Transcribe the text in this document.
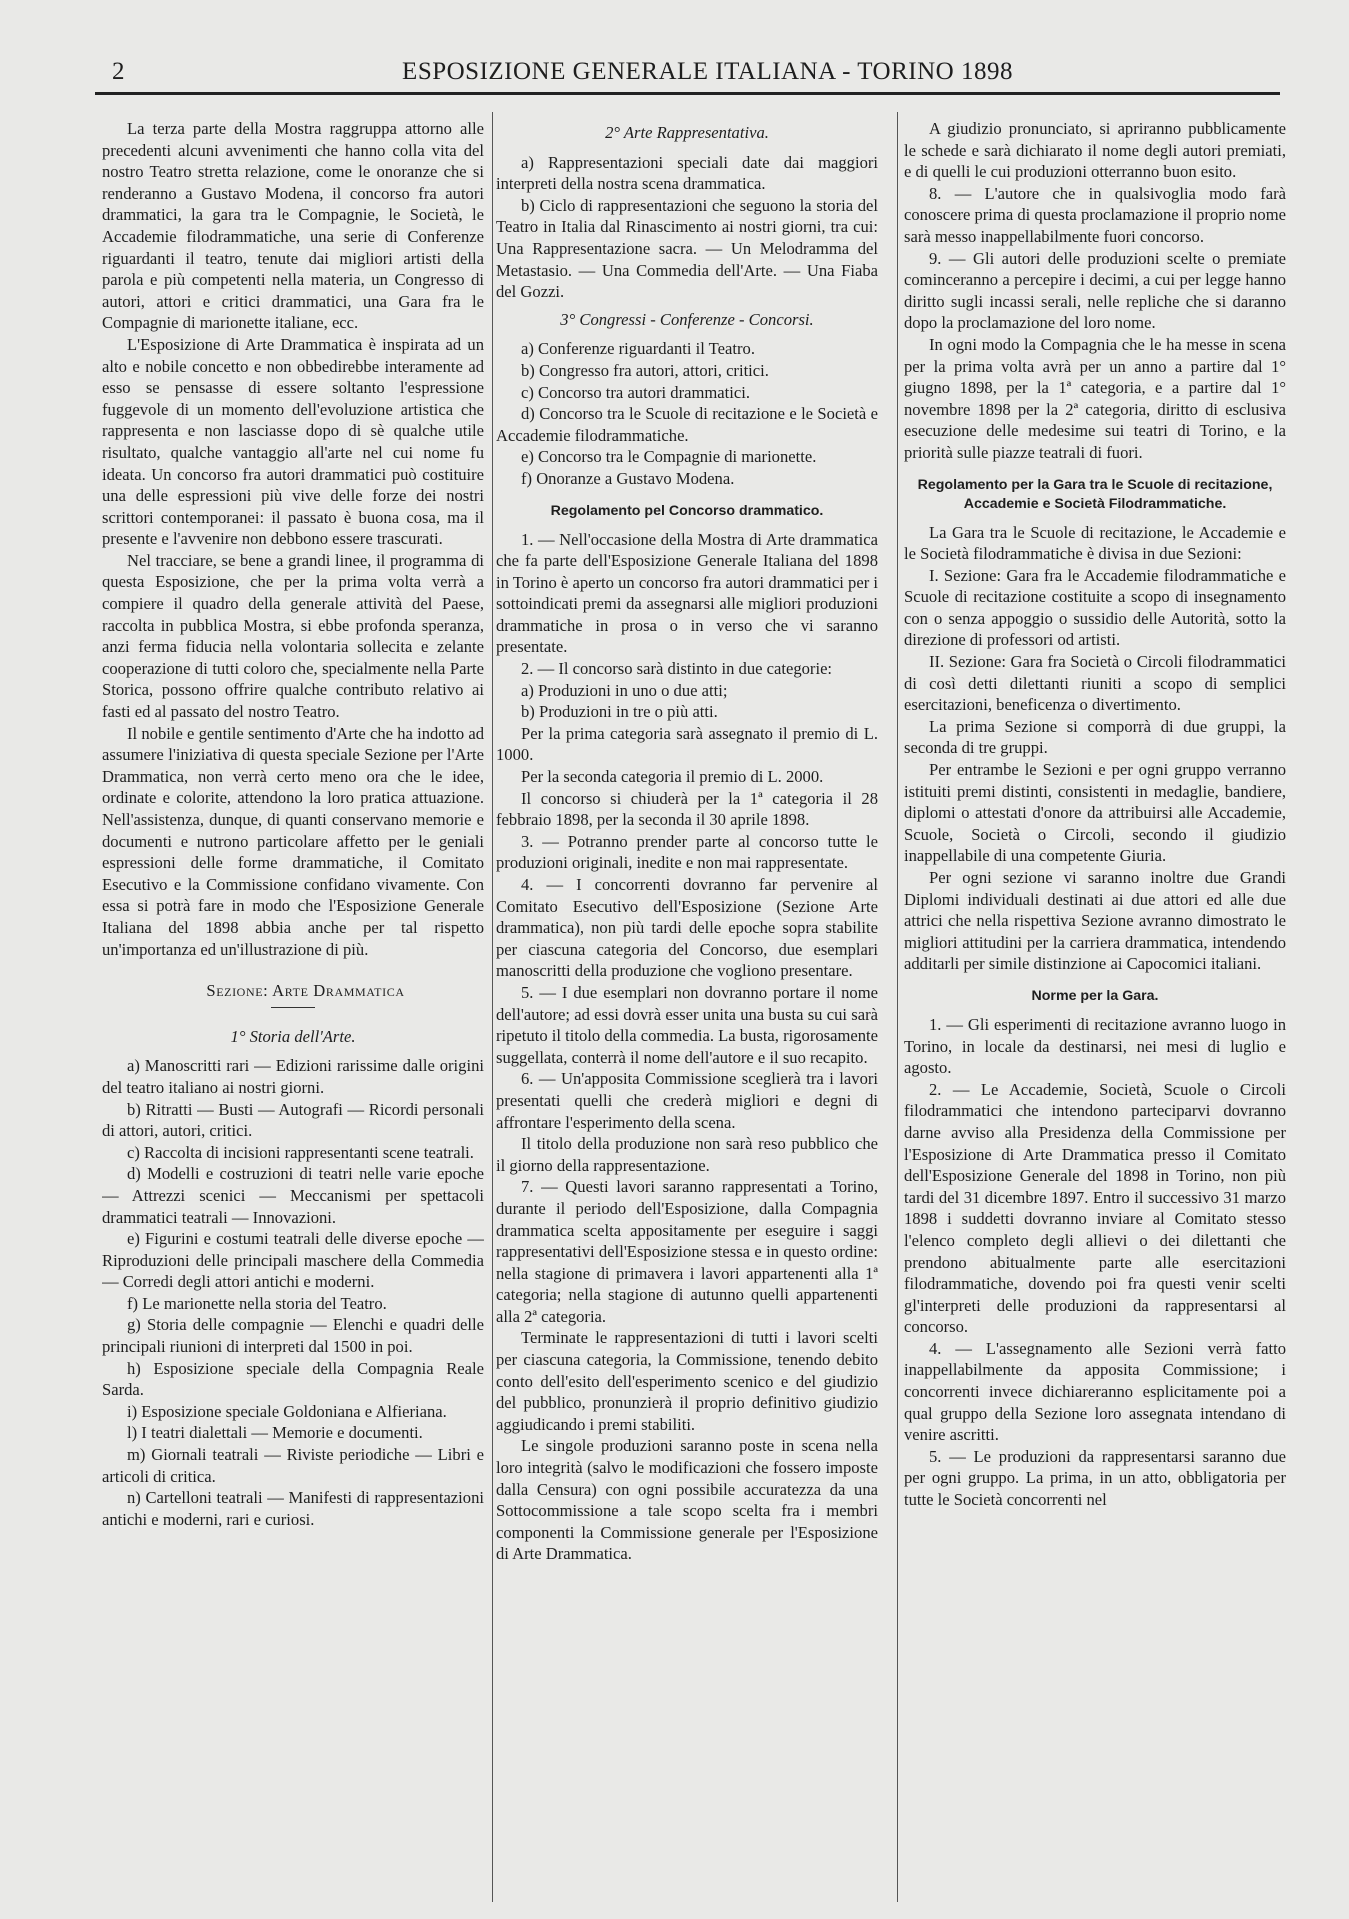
2	ESPOSIZIONE GENERALE ITALIANA - TORINO 1898

La terza parte della Mostra raggruppa attorno alle precedenti alcuni avvenimenti che hanno colla vita del nostro Teatro stretta relazione, come le onoranze che si renderanno a Gustavo Modena, il concorso fra autori drammatici, la gara tra le Compagnie, le Società, le Accademie filodrammatiche, una serie di Conferenze riguardanti il teatro, tenute dai migliori artisti della parola e più competenti nella materia, un Congresso di autori, attori e critici drammatici, una Gara fra le Compagnie di marionette italiane, ecc.

L'Esposizione di Arte Drammatica è inspirata ad un alto e nobile concetto e non obbedirebbe interamente ad esso se pensasse di essere soltanto l'espressione fuggevole di un momento dell'evoluzione artistica che rappresenta e non lasciasse dopo di sè qualche utile risultato, qualche vantaggio all'arte nel cui nome fu ideata. Un concorso fra autori drammatici può costituire una delle espressioni più vive delle forze dei nostri scrittori contemporanei: il passato è buona cosa, ma il presente e l'avvenire non debbono essere trascurati.

Nel tracciare, se bene a grandi linee, il programma di questa Esposizione, che per la prima volta verrà a compiere il quadro della generale attività del Paese, raccolta in pubblica Mostra, si ebbe profonda speranza, anzi ferma fiducia nella volontaria sollecita e zelante cooperazione di tutti coloro che, specialmente nella Parte Storica, possono offrire qualche contributo relativo ai fasti ed al passato del nostro Teatro.

Il nobile e gentile sentimento d'Arte che ha indotto ad assumere l'iniziativa di questa speciale Sezione per l'Arte Drammatica, non verrà certo meno ora che le idee, ordinate e colorite, attendono la loro pratica attuazione. Nell'assistenza, dunque, di quanti conservano memorie e documenti e nutrono particolare affetto per le geniali espressioni delle forme drammatiche, il Comitato Esecutivo e la Commissione confidano vivamente. Con essa si potrà fare in modo che l'Esposizione Generale Italiana del 1898 abbia anche per tal rispetto un'importanza ed un'illustrazione di più.

Sezione: Arte Drammatica

1° Storia dell'Arte.

a) Manoscritti rari — Edizioni rarissime dalle origini del teatro italiano ai nostri giorni.

b) Ritratti — Busti — Autografi — Ricordi personali di attori, autori, critici.

c) Raccolta di incisioni rappresentanti scene teatrali.

d) Modelli e costruzioni di teatri nelle varie epoche — Attrezzi scenici — Meccanismi per spettacoli drammatici teatrali — Innovazioni.

e) Figurini e costumi teatrali delle diverse epoche — Riproduzioni delle principali maschere della Commedia — Corredi degli attori antichi e moderni.

f) Le marionette nella storia del Teatro.

g) Storia delle compagnie — Elenchi e quadri delle principali riunioni di interpreti dal 1500 in poi.

h) Esposizione speciale della Compagnia Reale Sarda.

i) Esposizione speciale Goldoniana e Alfieriana.

l) I teatri dialettali — Memorie e documenti.

m) Giornali teatrali — Riviste periodiche — Libri e articoli di critica.

n) Cartelloni teatrali — Manifesti di rappresentazioni antichi e moderni, rari e curiosi.

2° Arte Rappresentativa.

a) Rappresentazioni speciali date dai maggiori interpreti della nostra scena drammatica.

b) Ciclo di rappresentazioni che seguono la storia del Teatro in Italia dal Rinascimento ai nostri giorni, tra cui: Una Rappresentazione sacra. — Un Melodramma del Metastasio. — Una Commedia dell'Arte. — Una Fiaba del Gozzi.

3° Congressi - Conferenze - Concorsi.

a) Conferenze riguardanti il Teatro.

b) Congresso fra autori, attori, critici.

c) Concorso tra autori drammatici.

d) Concorso tra le Scuole di recitazione e le Società e Accademie filodrammatiche.

e) Concorso tra le Compagnie di marionette.

f) Onoranze a Gustavo Modena.

Regolamento pel Concorso drammatico.

1. — Nell'occasione della Mostra di Arte drammatica che fa parte dell'Esposizione Generale Italiana del 1898 in Torino è aperto un concorso fra autori drammatici per i sottoindicati premi da assegnarsi alle migliori produzioni drammatiche in prosa o in verso che vi saranno presentate.

2. — Il concorso sarà distinto in due categorie:

a) Produzioni in uno o due atti;

b) Produzioni in tre o più atti.

Per la prima categoria sarà assegnato il premio di L. 1000.

Per la seconda categoria il premio di L. 2000.

Il concorso si chiuderà per la 1ª categoria il 28 febbraio 1898, per la seconda il 30 aprile 1898.

3. — Potranno prender parte al concorso tutte le produzioni originali, inedite e non mai rappresentate.

4. — I concorrenti dovranno far pervenire al Comitato Esecutivo dell'Esposizione (Sezione Arte drammatica), non più tardi delle epoche sopra stabilite per ciascuna categoria del Concorso, due esemplari manoscritti della produzione che vogliono presentare.

5. — I due esemplari non dovranno portare il nome dell'autore; ad essi dovrà esser unita una busta su cui sarà ripetuto il titolo della commedia. La busta, rigorosamente suggellata, conterrà il nome dell'autore e il suo recapito.

6. — Un'apposita Commissione sceglierà tra i lavori presentati quelli che crederà migliori e degni di affrontare l'esperimento della scena.

Il titolo della produzione non sarà reso pubblico che il giorno della rappresentazione.

7. — Questi lavori saranno rappresentati a Torino, durante il periodo dell'Esposizione, dalla Compagnia drammatica scelta appositamente per eseguire i saggi rappresentativi dell'Esposizione stessa e in questo ordine: nella stagione di primavera i lavori appartenenti alla 1ª categoria; nella stagione di autunno quelli appartenenti alla 2ª categoria.

Terminate le rappresentazioni di tutti i lavori scelti per ciascuna categoria, la Commissione, tenendo debito conto dell'esito dell'esperimento scenico e del giudizio del pubblico, pronunzierà il proprio definitivo giudizio aggiudicando i premi stabiliti.

Le singole produzioni saranno poste in scena nella loro integrità (salvo le modificazioni che fossero imposte dalla Censura) con ogni possibile accuratezza da una Sottocommissione a tale scopo scelta fra i membri componenti la Commissione generale per l'Esposizione di Arte Drammatica.

A giudizio pronunciato, si apriranno pubblicamente le schede e sarà dichiarato il nome degli autori premiati, e di quelli le cui produzioni otterranno buon esito.

8. — L'autore che in qualsivoglia modo farà conoscere prima di questa proclamazione il proprio nome sarà messo inappellabilmente fuori concorso.

9. — Gli autori delle produzioni scelte o premiate cominceranno a percepire i decimi, a cui per legge hanno diritto sugli incassi serali, nelle repliche che si daranno dopo la proclamazione del loro nome.

In ogni modo la Compagnia che le ha messe in scena per la prima volta avrà per un anno a partire dal 1° giugno 1898, per la 1ª categoria, e a partire dal 1° novembre 1898 per la 2ª categoria, diritto di esclusiva esecuzione delle medesime sui teatri di Torino, e la priorità sulle piazze teatrali di fuori.

Regolamento per la Gara tra le Scuole di recitazione, Accademie e Società Filodrammatiche.

La Gara tra le Scuole di recitazione, le Accademie e le Società filodrammatiche è divisa in due Sezioni:

I. Sezione: Gara fra le Accademie filodrammatiche e Scuole di recitazione costituite a scopo di insegnamento con o senza appoggio o sussidio delle Autorità, sotto la direzione di professori od artisti.

II. Sezione: Gara fra Società o Circoli filodrammatici di così detti dilettanti riuniti a scopo di semplici esercitazioni, beneficenza o divertimento.

La prima Sezione si comporrà di due gruppi, la seconda di tre gruppi.

Per entrambe le Sezioni e per ogni gruppo verranno istituiti premi distinti, consistenti in medaglie, bandiere, diplomi o attestati d'onore da attribuirsi alle Accademie, Scuole, Società o Circoli, secondo il giudizio inappellabile di una competente Giuria.

Per ogni sezione vi saranno inoltre due Grandi Diplomi individuali destinati ai due attori ed alle due attrici che nella rispettiva Sezione avranno dimostrato le migliori attitudini per la carriera drammatica, intendendo additarli per simile distinzione ai Capocomici italiani.

Norme per la Gara.

1. — Gli esperimenti di recitazione avranno luogo in Torino, in locale da destinarsi, nei mesi di luglio e agosto.

2. — Le Accademie, Società, Scuole o Circoli filodrammatici che intendono parteciparvi dovranno darne avviso alla Presidenza della Commissione per l'Esposizione di Arte Drammatica presso il Comitato dell'Esposizione Generale del 1898 in Torino, non più tardi del 31 dicembre 1897. Entro il successivo 31 marzo 1898 i suddetti dovranno inviare al Comitato stesso l'elenco completo degli allievi o dei dilettanti che prendono abitualmente parte alle esercitazioni filodrammatiche, dovendo poi fra questi venir scelti gl'interpreti delle produzioni da rappresentarsi al concorso.

4. — L'assegnamento alle Sezioni verrà fatto inappellabilmente da apposita Commissione; i concorrenti invece dichiareranno esplicitamente poi a qual gruppo della Sezione loro assegnata intendano di venire ascritti.

5. — Le produzioni da rappresentarsi saranno due per ogni gruppo. La prima, in un atto, obbligatoria per tutte le Società concorrenti nel
